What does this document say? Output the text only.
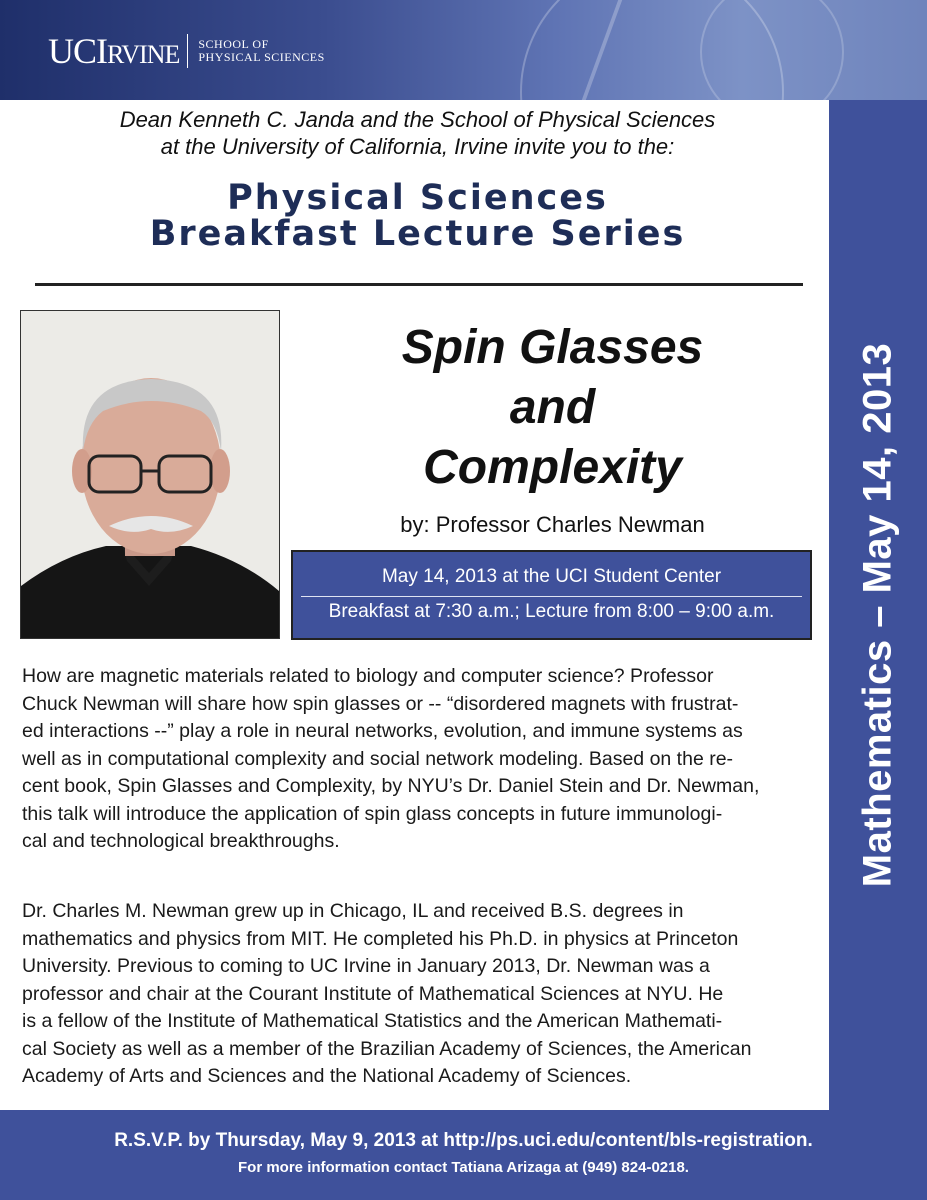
UCIRVINE SCHOOL OF
PHYSICAL SCIENCES
Mathematics – May 14, 2013
Dean Kenneth C. Janda and the School of Physical Sciences
at the University of California, Irvine invite you to the:
Physical Sciences
Breakfast Lecture Series
Spin Glasses
and
Complexity
by: Professor Charles Newman
May 14, 2013 at the UCI Student Center
Breakfast at 7:30 a.m.; Lecture from 8:00 – 9:00 a.m.
How are magnetic materials related to biology and computer science? Professor
Chuck Newman will share how spin glasses or -- “disordered magnets with frustrat-
ed interactions --” play a role in neural networks, evolution, and immune systems as
well as in computational complexity and social network modeling. Based on the re-
cent book, Spin Glasses and Complexity, by NYU’s Dr. Daniel Stein and Dr. Newman,
this talk will introduce the application of spin glass concepts in future immunologi-
cal and technological breakthroughs.
Dr. Charles M. Newman grew up in Chicago, IL and received B.S. degrees in
mathematics and physics from MIT. He completed his Ph.D. in physics at Princeton
University. Previous to coming to UC Irvine in January 2013, Dr. Newman was a
professor and chair at the Courant Institute of Mathematical Sciences at NYU. He
is a fellow of the Institute of Mathematical Statistics and the American Mathemati-
cal Society as well as a member of the Brazilian Academy of Sciences, the American
Academy of Arts and Sciences and the National Academy of Sciences.
R.S.V.P. by Thursday, May 9, 2013 at http://ps.uci.edu/content/bls-registration.
For more information contact Tatiana Arizaga at (949) 824-0218.
